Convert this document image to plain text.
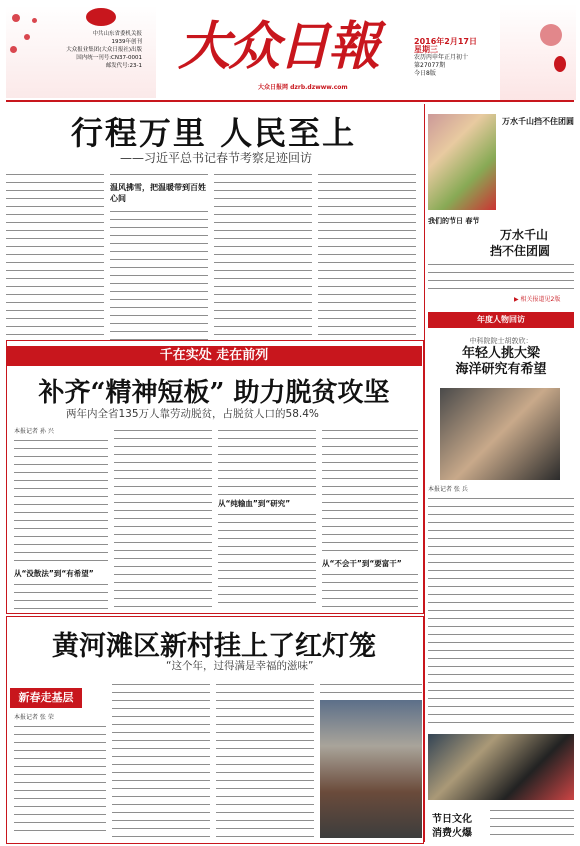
中共山东省委机关报
1939年创刊
大众报业集团(大众日报社)出版
国内统一刊号:CN37-0001
邮发代号:23-1 大众日報
大众日报网 dzrb.dzwww.com
2016年2月17日
星期三
农历丙申年正月初十
第27077期
今日8版
行程万里 人民至上
——习近平总书记春节考察足迹回访
温风拂雪，把温暖带到百姓心间
万水千山挡不住团圆
我们的节日 春节
万水千山
挡不住团圆
▶ 相关报道见2版
年度人物回访
千在实处 走在前列
补齐“精神短板” 助力脱贫攻坚
两年内全省135万人靠劳动脱贫，占脱贫人口的58.4%
本报记者 孙 兴
从“没散法”到“有希望”
从“纯输血”到“研究”
从“不会干”到“要富干”
黄河滩区新村挂上了红灯笼
“这个年，过得满是幸福的滋味”
新春走基层
本报记者 张 荣
中科院院士胡敦欣：
年轻人挑大梁
海洋研究有希望
本报记者 张 兵
节日文化
消费火爆
